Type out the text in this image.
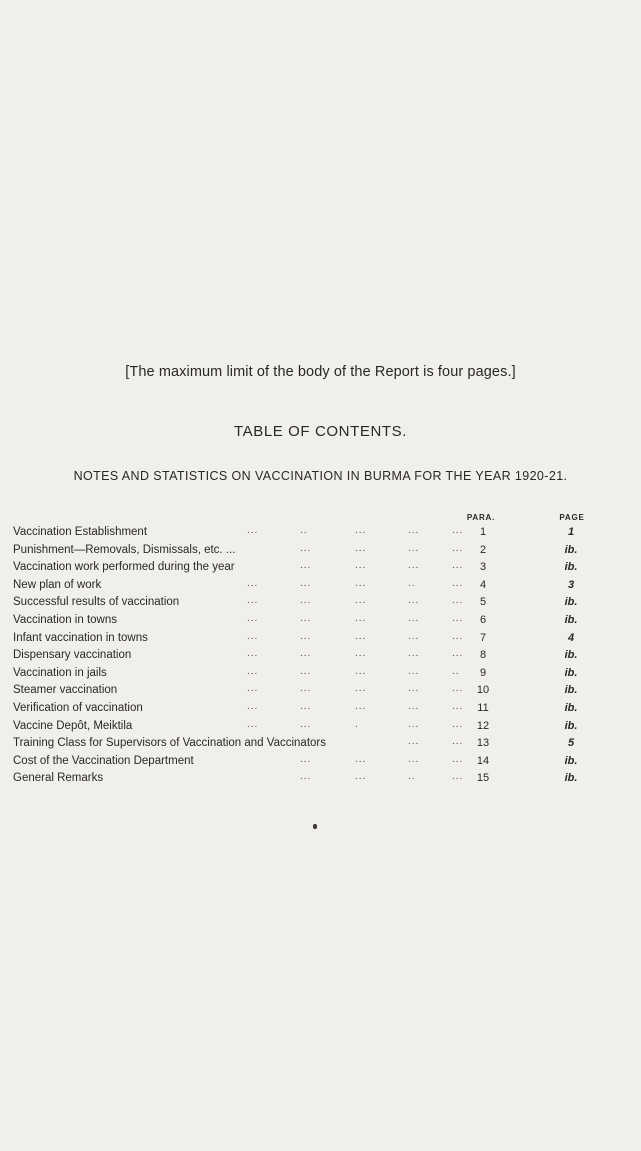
[The maximum limit of the body of the Report is four pages.]
TABLE OF CONTENTS.
NOTES AND STATISTICS ON VACCINATION IN BURMA FOR THE YEAR 1920-21.
PARA.	PAGE
Vaccination Establishment	...	..	...	...	...	1	1
Punishment—Removals, Dismissals, etc. ...	...	...	...	...	2	ib.
Vaccination work performed during the year	...	...	...	...	3	ib.
New plan of work	...	...	...	..	...	4	3
Successful results of vaccination	...	...	...	...	...	5	ib.
Vaccination in towns	...	...	...	...	...	6	ib.
Infant vaccination in towns	...	...	...	...	...	7	4
Dispensary vaccination	...	...	...	...	...	8	ib.
Vaccination in jails	...	...	...	...	..	9	ib.
Steamer vaccination	...	...	...	...	...	10	ib.
Verification of vaccination	...	...	...	...	...	11	ib.
Vaccine Depôt, Meiktila	...	...	.	...	...	12	ib.
Training Class for Supervisors of Vaccination and Vaccinators	...	...	13	5
Cost of the Vaccination Department	...	...	...	...	14	ib.
General Remarks	...	...	..	...	15	ib.
